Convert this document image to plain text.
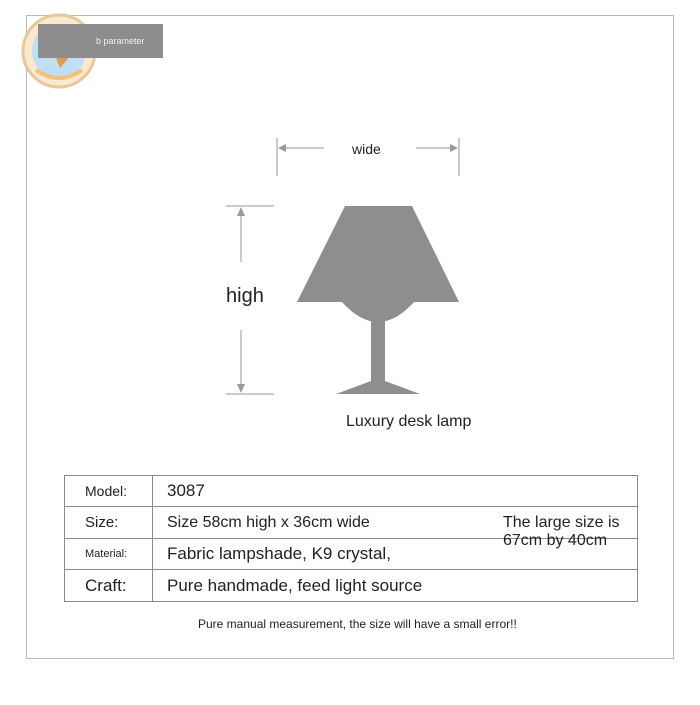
b parameter
wide
high
Luxury desk lamp
Model:	3087
Size:	Size 58cm high x 36cm wide The large size is 67cm by 40cm

Material:	Fabric lampshade, K9 crystal,
Craft:	Pure handmade, feed light source
Pure manual measurement, the size will have a small error!!
